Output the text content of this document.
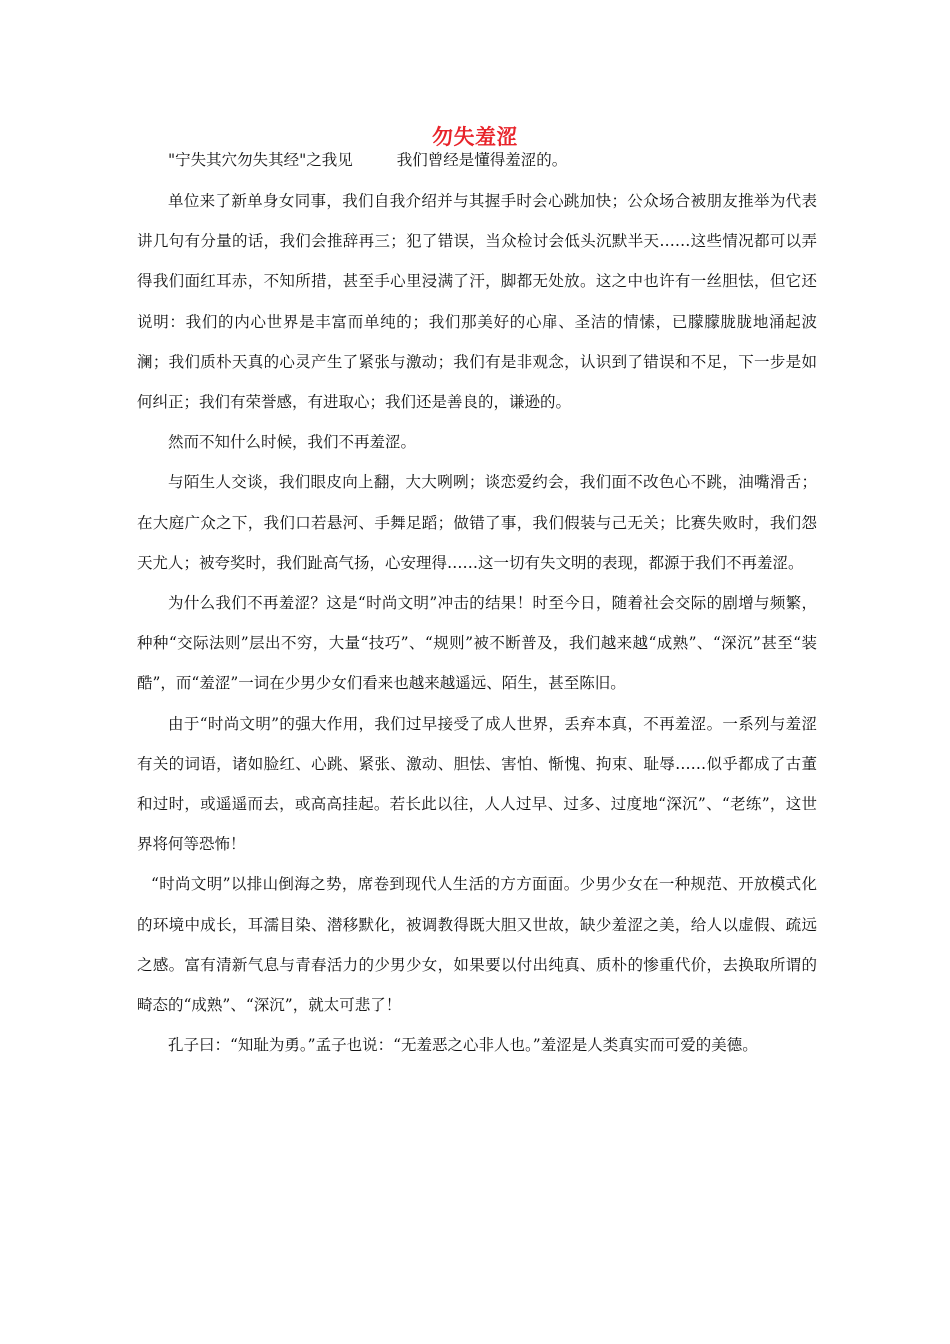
勿失羞涩

"宁失其穴勿失其经"之我见	我们曾经是懂得羞涩的。

单位来了新单身女同事，我们自我介绍并与其握手时会心跳加快；公众场合被朋友推举为代表讲几句有分量的话，我们会推辞再三；犯了错误，当众检讨会低头沉默半天……这些情况都可以弄得我们面红耳赤，不知所措，甚至手心里浸满了汗，脚都无处放。这之中也许有一丝胆怯，但它还说明：我们的内心世界是丰富而单纯的；我们那美好的心扉、圣洁的情愫，已朦朦胧胧地涌起波澜；我们质朴天真的心灵产生了紧张与激动；我们有是非观念，认识到了错误和不足，下一步是如何纠正；我们有荣誉感，有进取心；我们还是善良的，谦逊的。

然而不知什么时候，我们不再羞涩。

与陌生人交谈，我们眼皮向上翻，大大咧咧；谈恋爱约会，我们面不改色心不跳，油嘴滑舌；在大庭广众之下，我们口若悬河、手舞足蹈；做错了事，我们假装与己无关；比赛失败时，我们怨天尤人；被夸奖时，我们趾高气扬，心安理得……这一切有失文明的表现，都源于我们不再羞涩。

为什么我们不再羞涩？这是“时尚文明”冲击的结果！时至今日，随着社会交际的剧增与频繁，种种“交际法则”层出不穷，大量“技巧”、“规则”被不断普及，我们越来越“成熟”、“深沉”甚至“装酷”，而“羞涩”一词在少男少女们看来也越来越遥远、陌生，甚至陈旧。

由于“时尚文明”的强大作用，我们过早接受了成人世界，丢弃本真，不再羞涩。一系列与羞涩有关的词语，诸如脸红、心跳、紧张、激动、胆怯、害怕、惭愧、拘束、耻辱……似乎都成了古董和过时，或遥遥而去，或高高挂起。若长此以往，人人过早、过多、过度地“深沉”、“老练”，这世界将何等恐怖！

“时尚文明”以排山倒海之势，席卷到现代人生活的方方面面。少男少女在一种规范、开放模式化的环境中成长，耳濡目染、潜移默化，被调教得既大胆又世故，缺少羞涩之美，给人以虚假、疏远之感。富有清新气息与青春活力的少男少女，如果要以付出纯真、质朴的惨重代价，去换取所谓的畸态的“成熟”、“深沉”，就太可悲了！

孔子曰：“知耻为勇。”孟子也说：“无羞恶之心非人也。”羞涩是人类真实而可爱的美德。
